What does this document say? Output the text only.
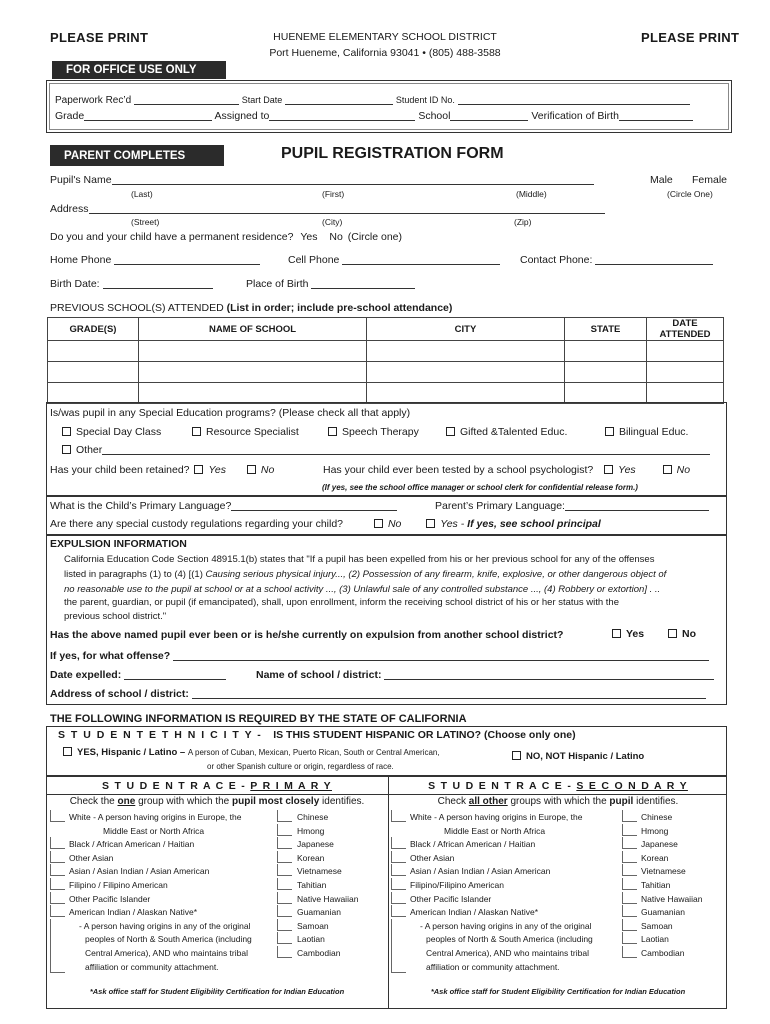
PLEASE PRINT	PLEASE PRINT
HUENEME ELEMENTARY SCHOOL DISTRICT
Port Hueneme, California 93041 • (805) 488-3588
FOR OFFICE USE ONLY
Paperwork Rec’d	Start Date	Student ID No.
Grade	Assigned to	School	Verification of Birth
PARENT COMPLETES	PUPIL REGISTRATION FORM
Pupil's Name	Male Female
(Last)	(First)	(Middle)	(Circle One)
Address
(Street)	(City)	(Zip)
Do you and your child have a permanent residence? Yes No (Circle one)
Home Phone	Cell Phone	Contact Phone:
Birth Date:	Place of Birth
PREVIOUS SCHOOL(S) ATTENDED (List in order; include pre-school attendance)
GRADE(S)	NAME OF SCHOOL	CITY	STATE	DATE ATTENDED

Is/was pupil in any Special Education programs? (Please check all that apply)
Special Day Class	Resource Specialist	Speech Therapy	Gifted &Talented Educ.	Bilingual Educ.
Other
Has your child been retained? Yes	No	Has your child ever been tested by a school psychologist? Yes	No
(If yes, see the school office manager or school clerk for confidential release form.)
What is the Child’s Primary Language?	Parent’s Primary Language:
Are there any special custody regulations regarding your child?	No	Yes - If yes, see school principal
EXPULSION INFORMATION
California Education Code Section 48915.1(b) states that "If a pupil has been expelled from his or her previous school for any of the offenses
listed in paragraphs (1) to (4) [(1) Causing serious physical injury..., (2) Possession of any firearm, knife, explosive, or other dangerous object of
no reasonable use to the pupil at school or at a school activity ..., (3) Unlawful sale of any controlled substance ..., (4) Robbery or extortion] . ..
the parent, guardian, or pupil (if emancipated), shall, upon enrollment, inform the receiving school district of his or her status with the
previous school district."
Has the above named pupil ever been or is he/she currently on expulsion from another school district?	Yes	No
If yes, for what offense?
Date expelled:	Name of school / district:
Address of school / district:
THE FOLLOWING INFORMATION IS REQUIRED BY THE STATE OF CALIFORNIA
S T U D E N T E T H N I C I T Y - IS THIS STUDENT HISPANIC OR LATINO? (Choose only one)
YES, Hispanic / Latino – A person of Cuban, Mexican, Puerto Rican, South or Central American,
or other Spanish culture or origin, regardless of race.
NO, NOT Hispanic / Latino
S T U D E N T R A C E - P R I M A R Y
Check the one group with which the pupil most closely identifies.
S T U D E N T R A C E - S E C O N D A R Y
Check all other groups with which the pupil identifies.
White - A person having origins in Europe, the
Middle East or North Africa
Black / African American / Haitian
Other Asian
Asian / Asian Indian / Asian American
Filipino / Filipino American
Other Pacific Islander
American Indian / Alaskan Native*
- A person having origins in any of the original
peoples of North & South America (including
Central America), AND who maintains tribal
affiliation or community attachment.
Chinese
Hmong
Japanese
Korean
Vietnamese
Tahitian
Native Hawaiian
Guamanian
Samoan
Laotian
Cambodian
White - A person having origins in Europe, the
Middle East or North Africa
Black / African American / Haitian
Other Asian
Asian / Asian Indian / Asian American
Filipino/Filipino American
Other Pacific Islander
American Indian / Alaskan Native*
- A person having origins in any of the original
peoples of North & South America (including
Central America), AND who maintains tribal
affiliation or community attachment.
Chinese
Hmong
Japanese
Korean
Vietnamese
Tahitian
Native Hawaiian
Guamanian
Samoan
Laotian
Cambodian
*Ask office staff for Student Eligibility Certification for Indian Education	*Ask office staff for Student Eligibility Certification for Indian Education
